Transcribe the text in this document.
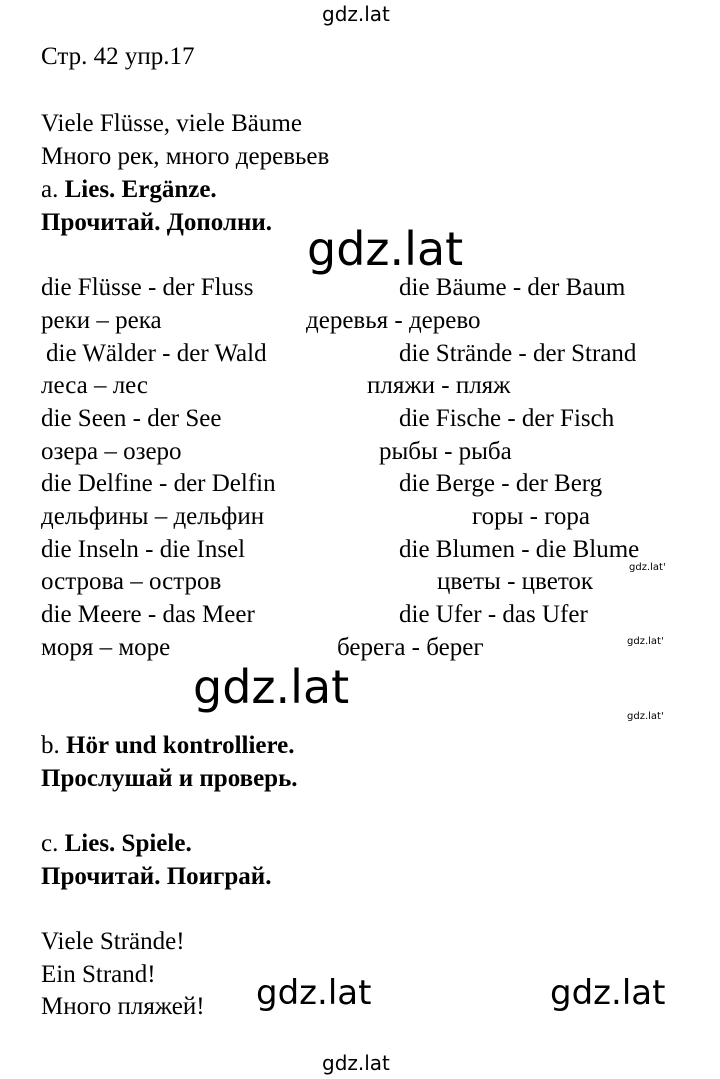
gdz.lat
gdz.lat
gdz.lat
gdz.lat'
gdz.lat'
gdz.lat'
gdz.lat	gdz.lat
gdz.lat
Стр. 42 упр.17
Viele Flüsse, viele Bäume
Много рек, много деревьев
a. Lies. Ergänze.
Прочитай. Дополни.
die Flüsse - der Fluss
реки – река
die Wälder - der Wald
леса – лес
die Seen - der See
озера – озеро
die Delfine - der Delfin
дельфины – дельфин
die Inseln - die Insel
острова – остров
die Meere - das Meer
моря – море
die Bäume - der Baum
деревья - дерево
die Strände - der Strand
пляжи - пляж
die Fische - der Fisch
рыбы - рыба
die Berge - der Berg
горы - гора
die Blumen - die Blume
цветы - цветок
die Ufer - das Ufer
берега - берег
b. Hör und kontrolliere.
Прослушай и проверь.
c. Lies. Spiele.
Прочитай. Поиграй.
Viele Strände!
Ein Strand!
Много пляжей!
